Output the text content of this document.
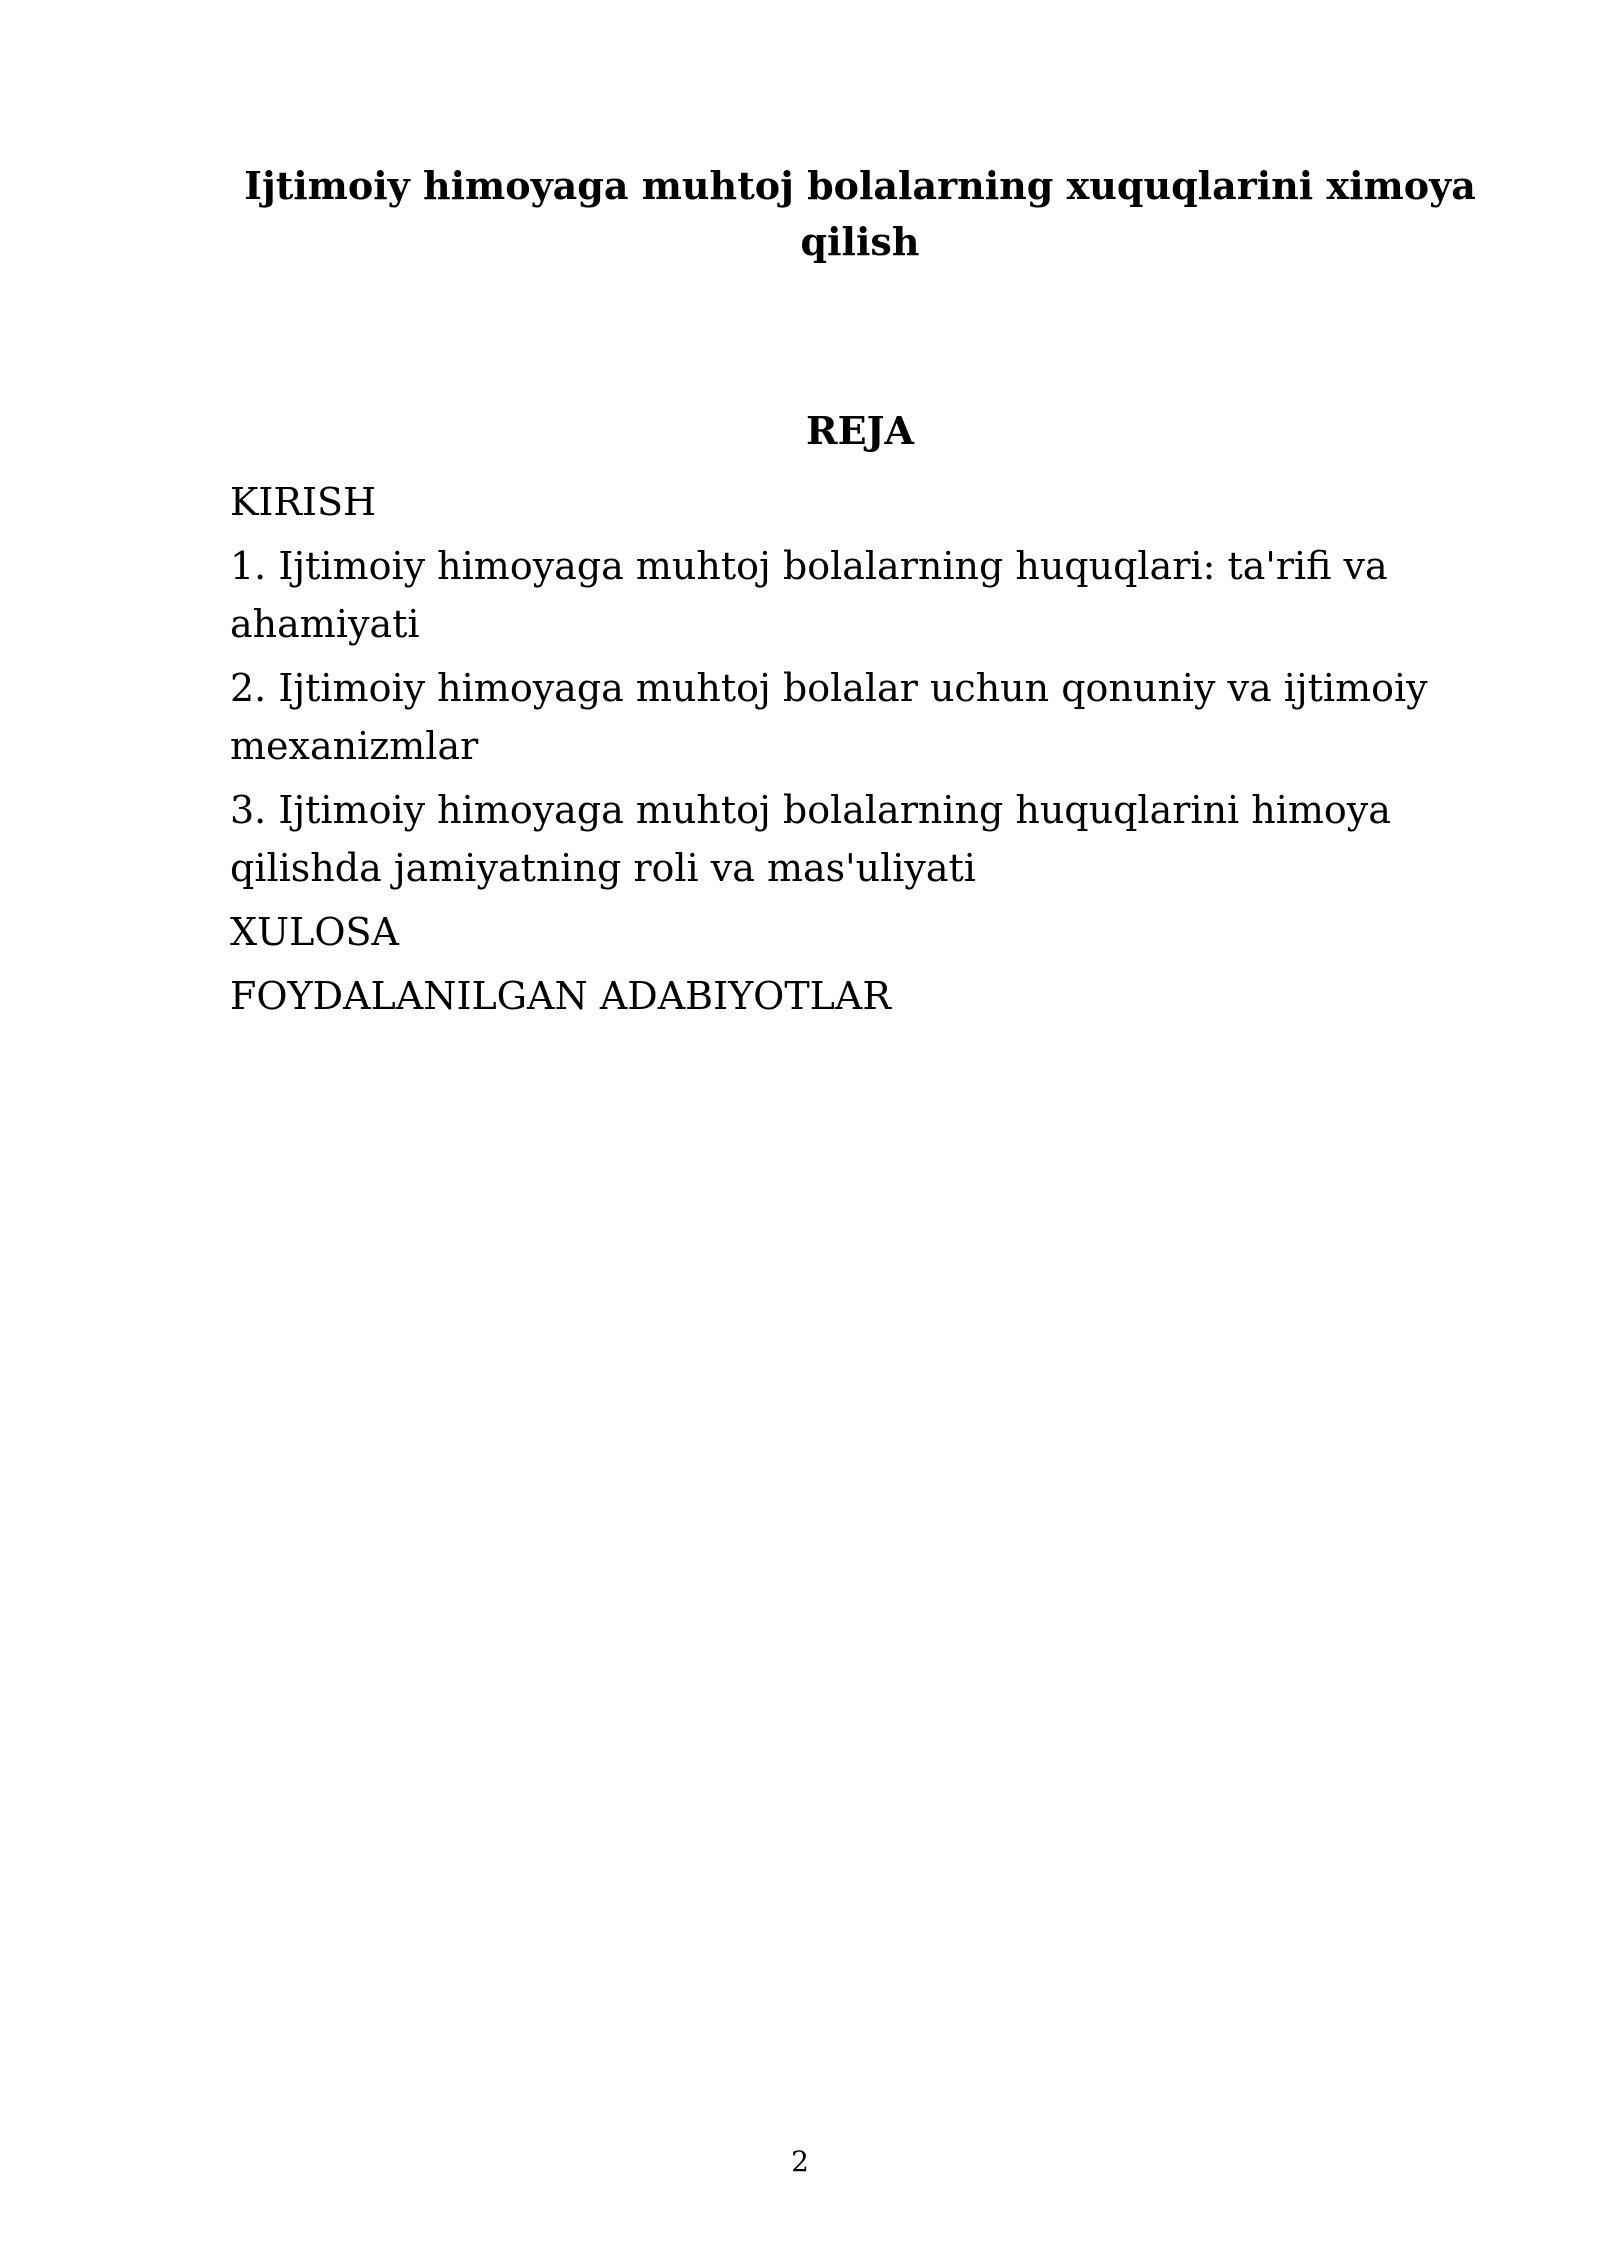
Ijtimoiy himoyaga muhtoj bolalarning xuquqlarini ximoya qilish
REJA
KIRISH
1. Ijtimoiy himoyaga muhtoj bolalarning huquqlari: ta'rifi va ahamiyati
2. Ijtimoiy himoyaga muhtoj bolalar uchun qonuniy va ijtimoiy mexanizmlar
3. Ijtimoiy himoyaga muhtoj bolalarning huquqlarini himoya qilishda jamiyatning roli va mas'uliyati
XULOSA
FOYDALANILGAN ADABIYOTLAR
2
